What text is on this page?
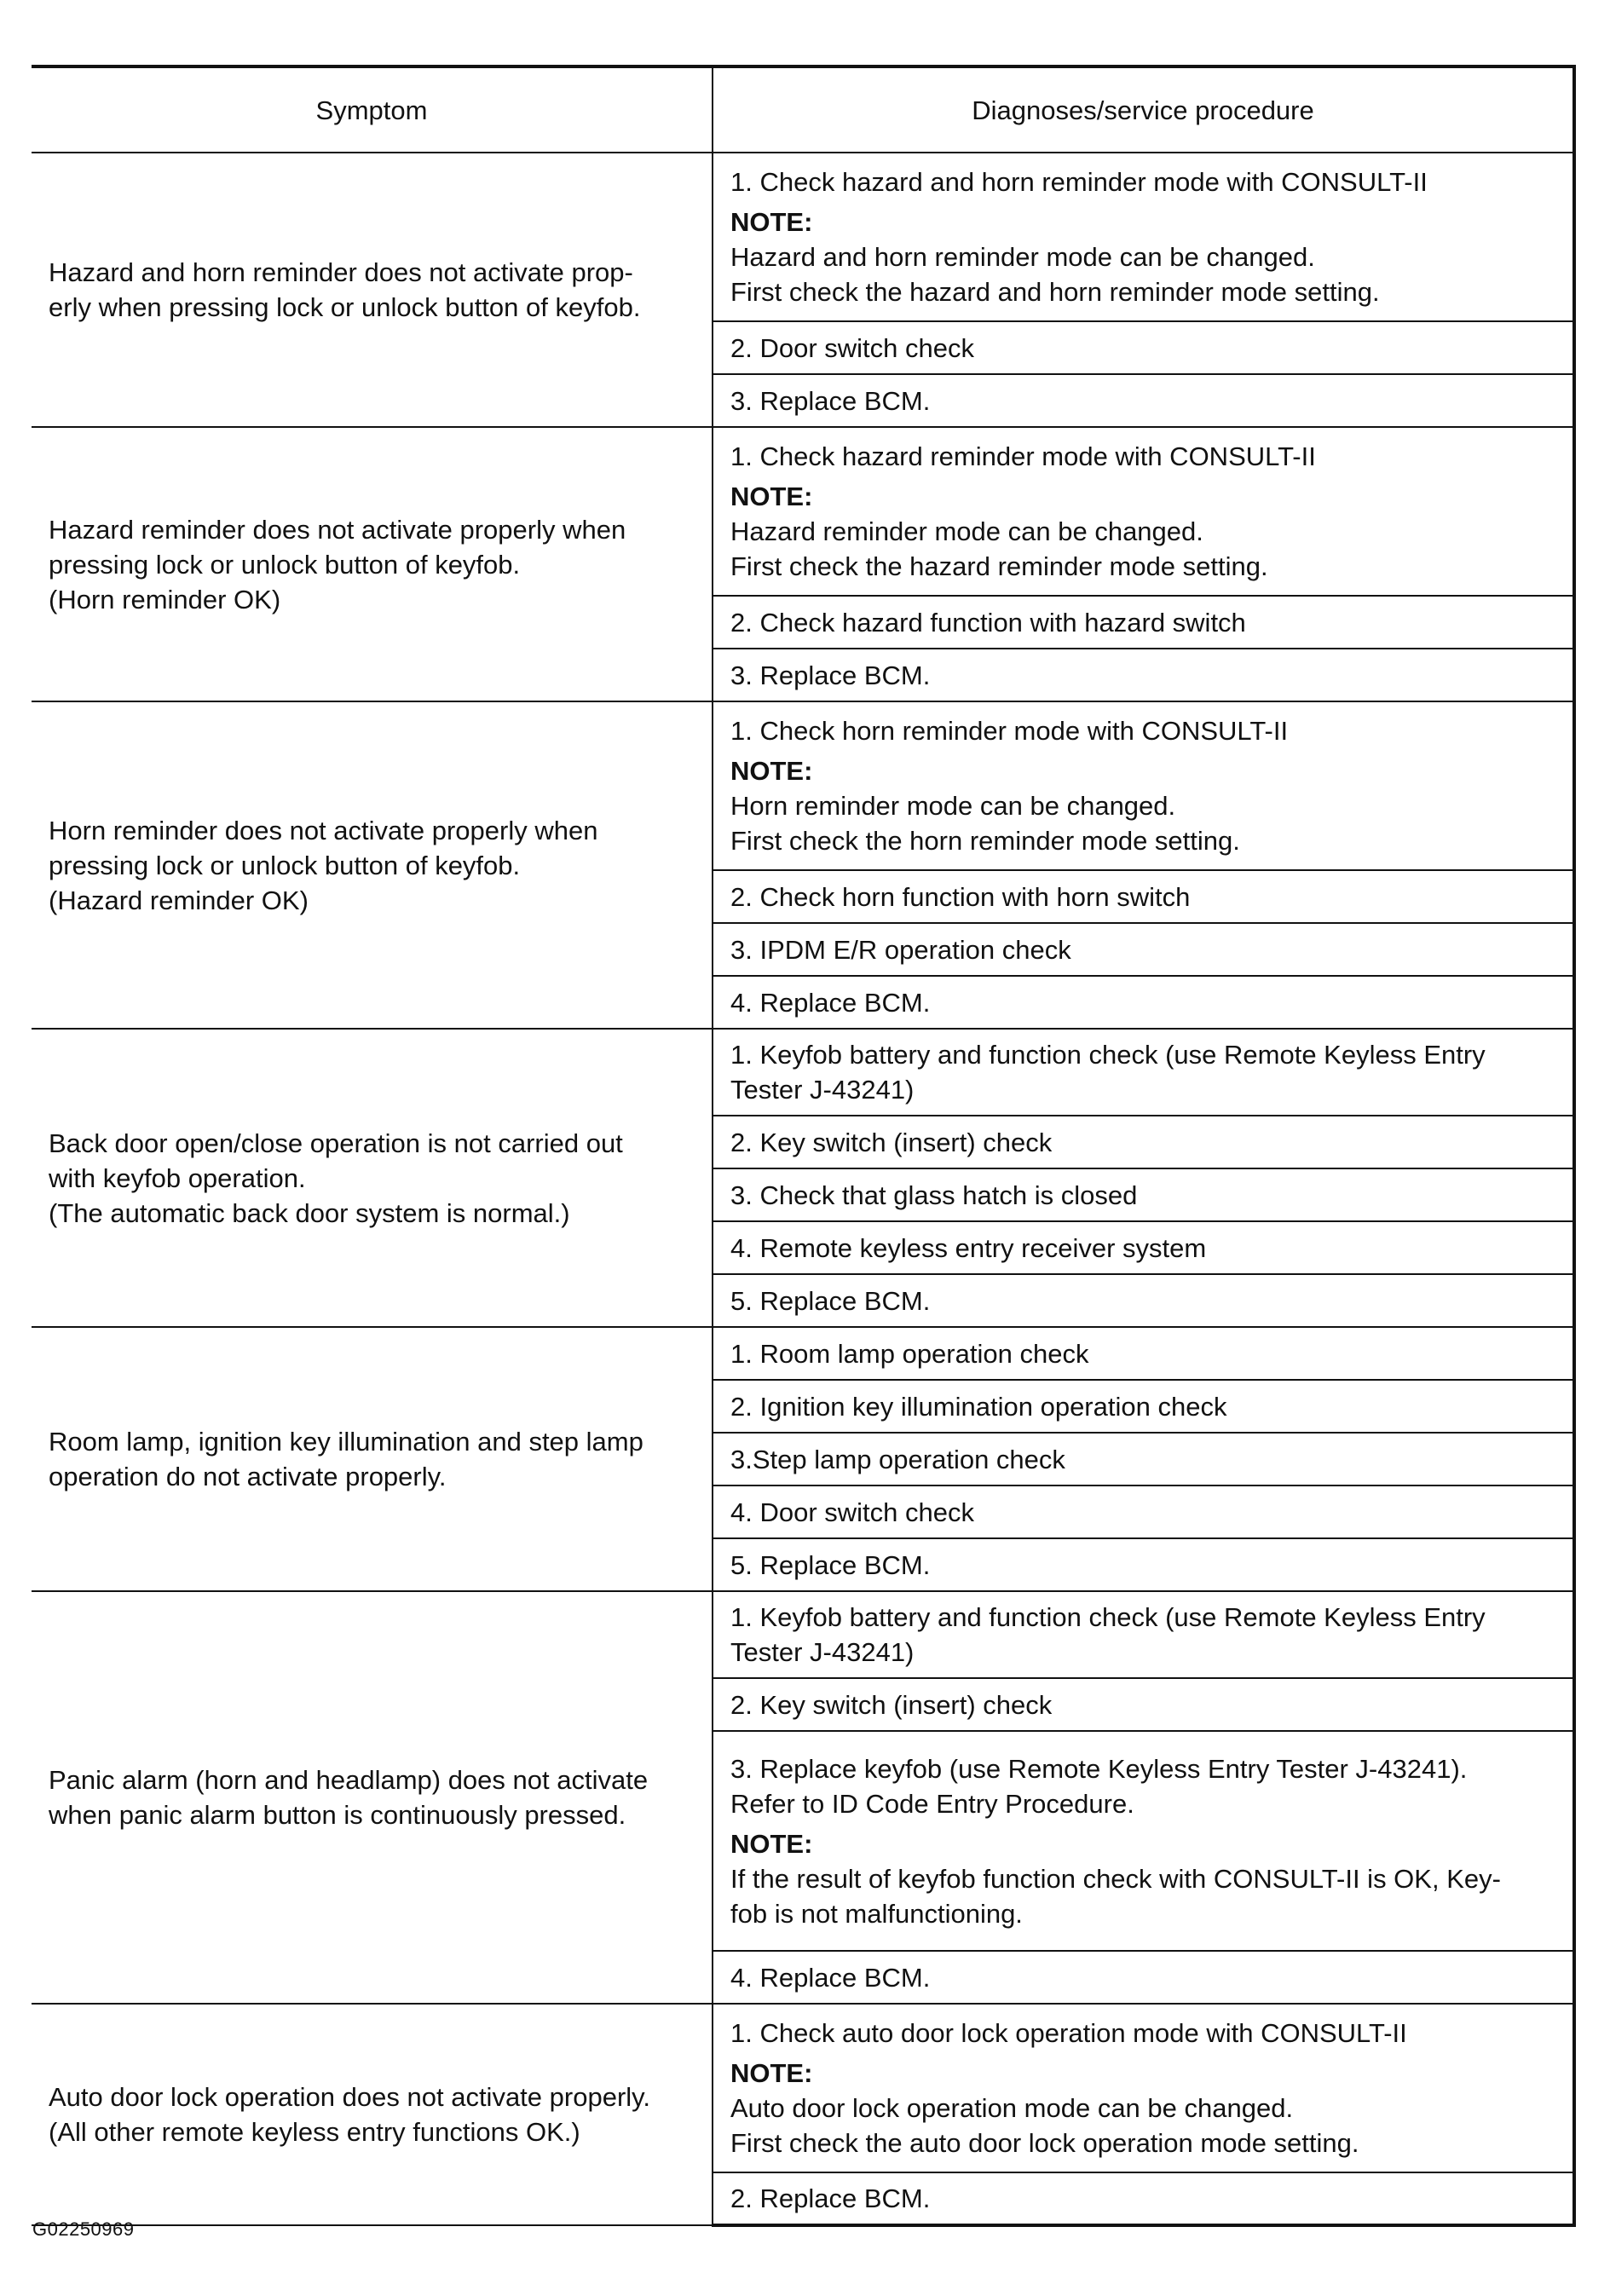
Symptom	Diagnoses/service procedure

Hazard and horn reminder does not activate prop-
erly when pressing lock or unlock button of keyfob.	1. Check hazard and horn reminder mode with CONSULT-II
NOTE:
Hazard and horn reminder mode can be changed.
First check the hazard and horn reminder mode setting.

	2. Door switch check

	3. Replace BCM.

Hazard reminder does not activate properly when
pressing lock or unlock button of keyfob.
(Horn reminder OK)	1. Check hazard reminder mode with CONSULT-II
NOTE:
Hazard reminder mode can be changed.
First check the hazard reminder mode setting.

	2. Check hazard function with hazard switch

	3. Replace BCM.

Horn reminder does not activate properly when
pressing lock or unlock button of keyfob.
(Hazard reminder OK)	1. Check horn reminder mode with CONSULT-II
NOTE:
Horn reminder mode can be changed.
First check the horn reminder mode setting.

	2. Check horn function with horn switch

	3. IPDM E/R operation check

	4. Replace BCM.

Back door open/close operation is not carried out
with keyfob operation.
(The automatic back door system is normal.)	1. Keyfob battery and function check (use Remote Keyless Entry
Tester J-43241)

	2. Key switch (insert) check

	3. Check that glass hatch is closed

	4. Remote keyless entry receiver system

	5. Replace BCM.

Room lamp, ignition key illumination and step lamp
operation do not activate properly.	1. Room lamp operation check

	2. Ignition key illumination operation check

	3.Step lamp operation check

	4. Door switch check

	5. Replace BCM.

Panic alarm (horn and headlamp) does not activate
when panic alarm button is continuously pressed.	1. Keyfob battery and function check (use Remote Keyless Entry
Tester J-43241)

	2. Key switch (insert) check

	3. Replace keyfob (use Remote Keyless Entry Tester J-43241).
Refer to ID Code Entry Procedure.
NOTE:
If the result of keyfob function check with CONSULT-II is OK, Key-
fob is not malfunctioning.

	4. Replace BCM.

Auto door lock operation does not activate properly.
(All other remote keyless entry functions OK.)	1. Check auto door lock operation mode with CONSULT-II
NOTE:
Auto door lock operation mode can be changed.
First check the auto door lock operation mode setting.

	2. Replace BCM.
G02250969
